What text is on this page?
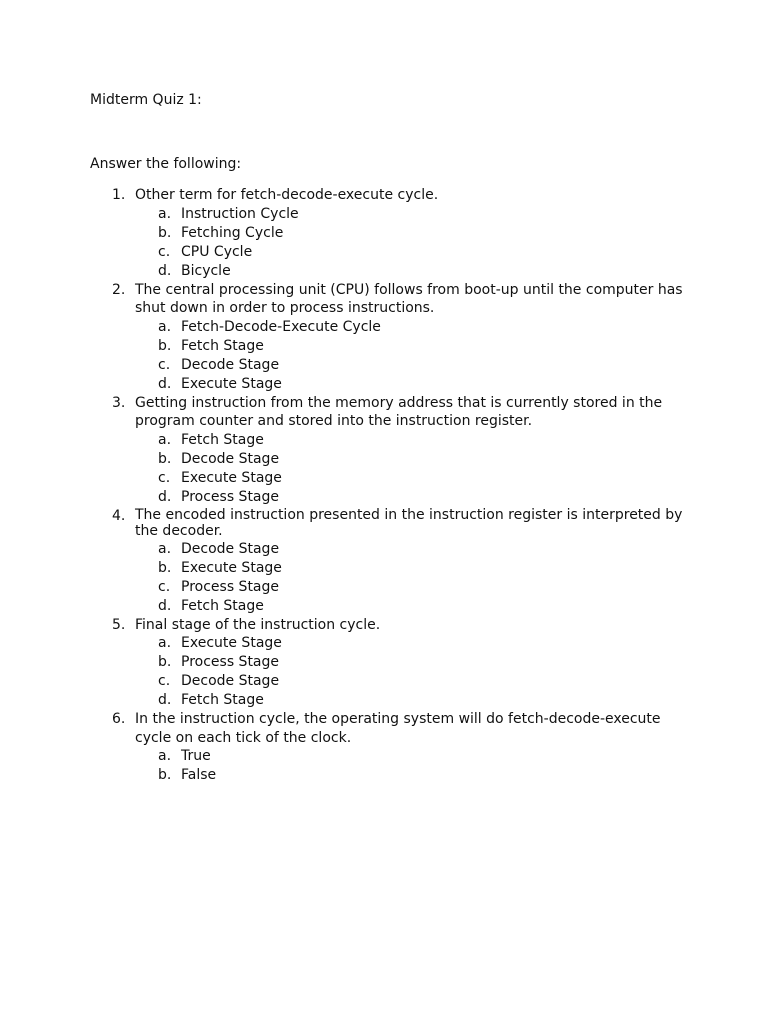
Midterm Quiz 1:

Answer the following:

1. Other term for fetch-decode-execute cycle.

a. Instruction Cycle
b. Fetching Cycle
c. CPU Cycle
d. Bicycle
2. The central processing unit (CPU) follows from boot-up until the computer has shut down in order to process instructions.

a. Fetch-Decode-Execute Cycle
b. Fetch Stage
c. Decode Stage
d. Execute Stage
3. Getting instruction from the memory address that is currently stored in the program counter and stored into the instruction register.

a. Fetch Stage
b. Decode Stage
c. Execute Stage
d. Process Stage
4. The encoded instruction presented in the instruction register is interpreted by the decoder.

a. Decode Stage
b. Execute Stage
c. Process Stage
d. Fetch Stage
5. Final stage of the instruction cycle.

a. Execute Stage
b. Process Stage
c. Decode Stage
d. Fetch Stage
6. In the instruction cycle, the operating system will do fetch-decode-execute cycle on each tick of the clock.

a. True
b. False
